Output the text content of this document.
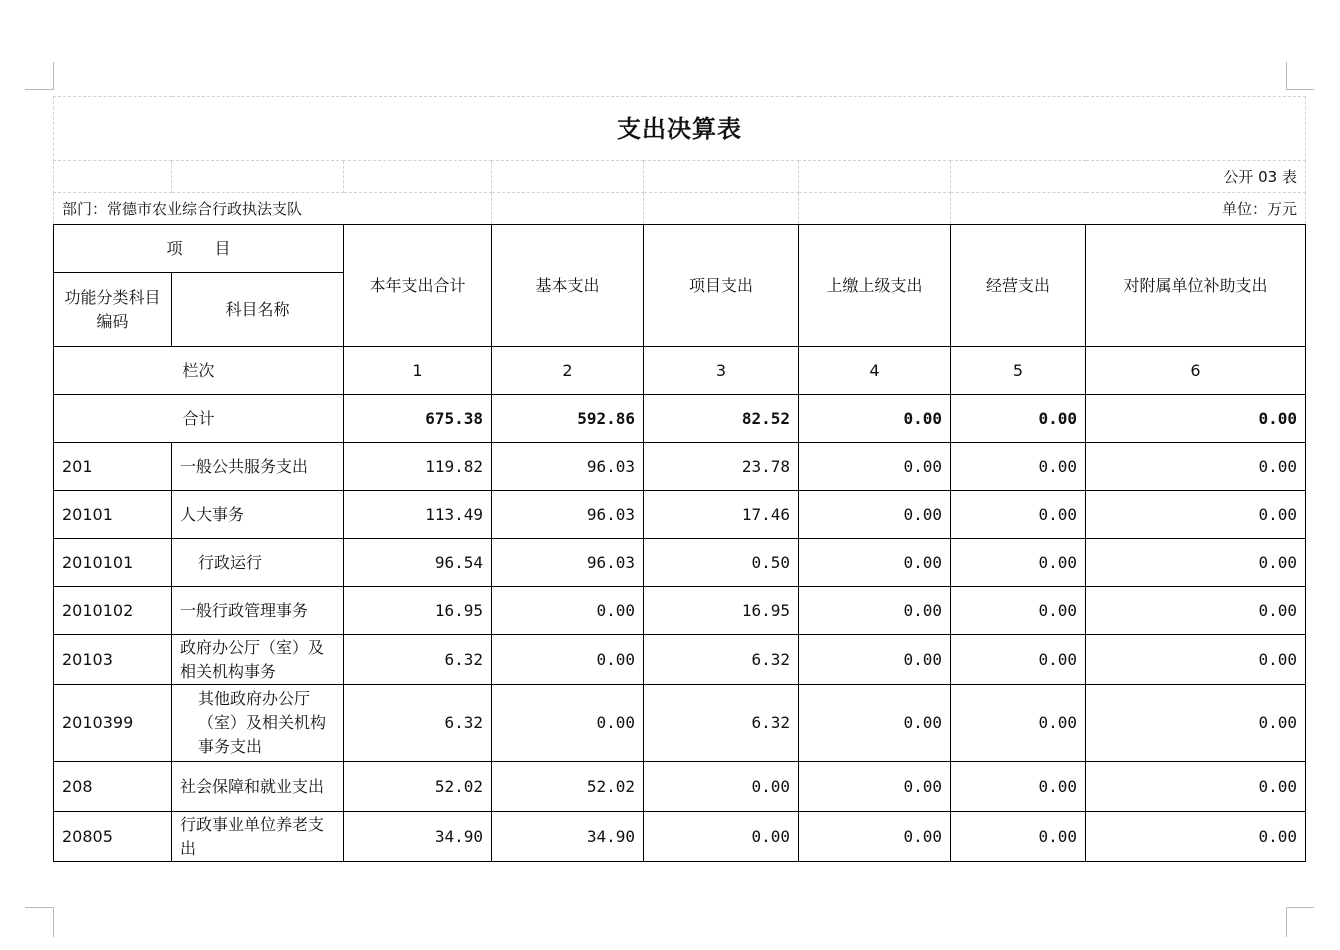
支出决算表							
						公开 03 表	
部门：常德市农业综合行政执法支队						单位：万元	
项　　目		本年支出合计	基本支出	项目支出	上缴上级支出	经营支出	对附属单位补助支出
功能分类科目编码	科目名称						
栏次		1	2	3	4	5	6
合计		675.38	592.86	82.52	0.00	0.00	0.00
201	一般公共服务支出	119.82	96.03	23.78	0.00	0.00	0.00
20101	人大事务	113.49	96.03	17.46	0.00	0.00	0.00
2010101	行政运行	96.54	96.03	0.50	0.00	0.00	0.00
2010102	一般行政管理事务	16.95	0.00	16.95	0.00	0.00	0.00
20103	政府办公厅（室）及相关机构事务	6.32	0.00	6.32	0.00	0.00	0.00
2010399	其他政府办公厅（室）及相关机构事务支出	6.32	0.00	6.32	0.00	0.00	0.00
208	社会保障和就业支出	52.02	52.02	0.00	0.00	0.00	0.00
20805	行政事业单位养老支出	34.90	34.90	0.00	0.00	0.00	0.00
